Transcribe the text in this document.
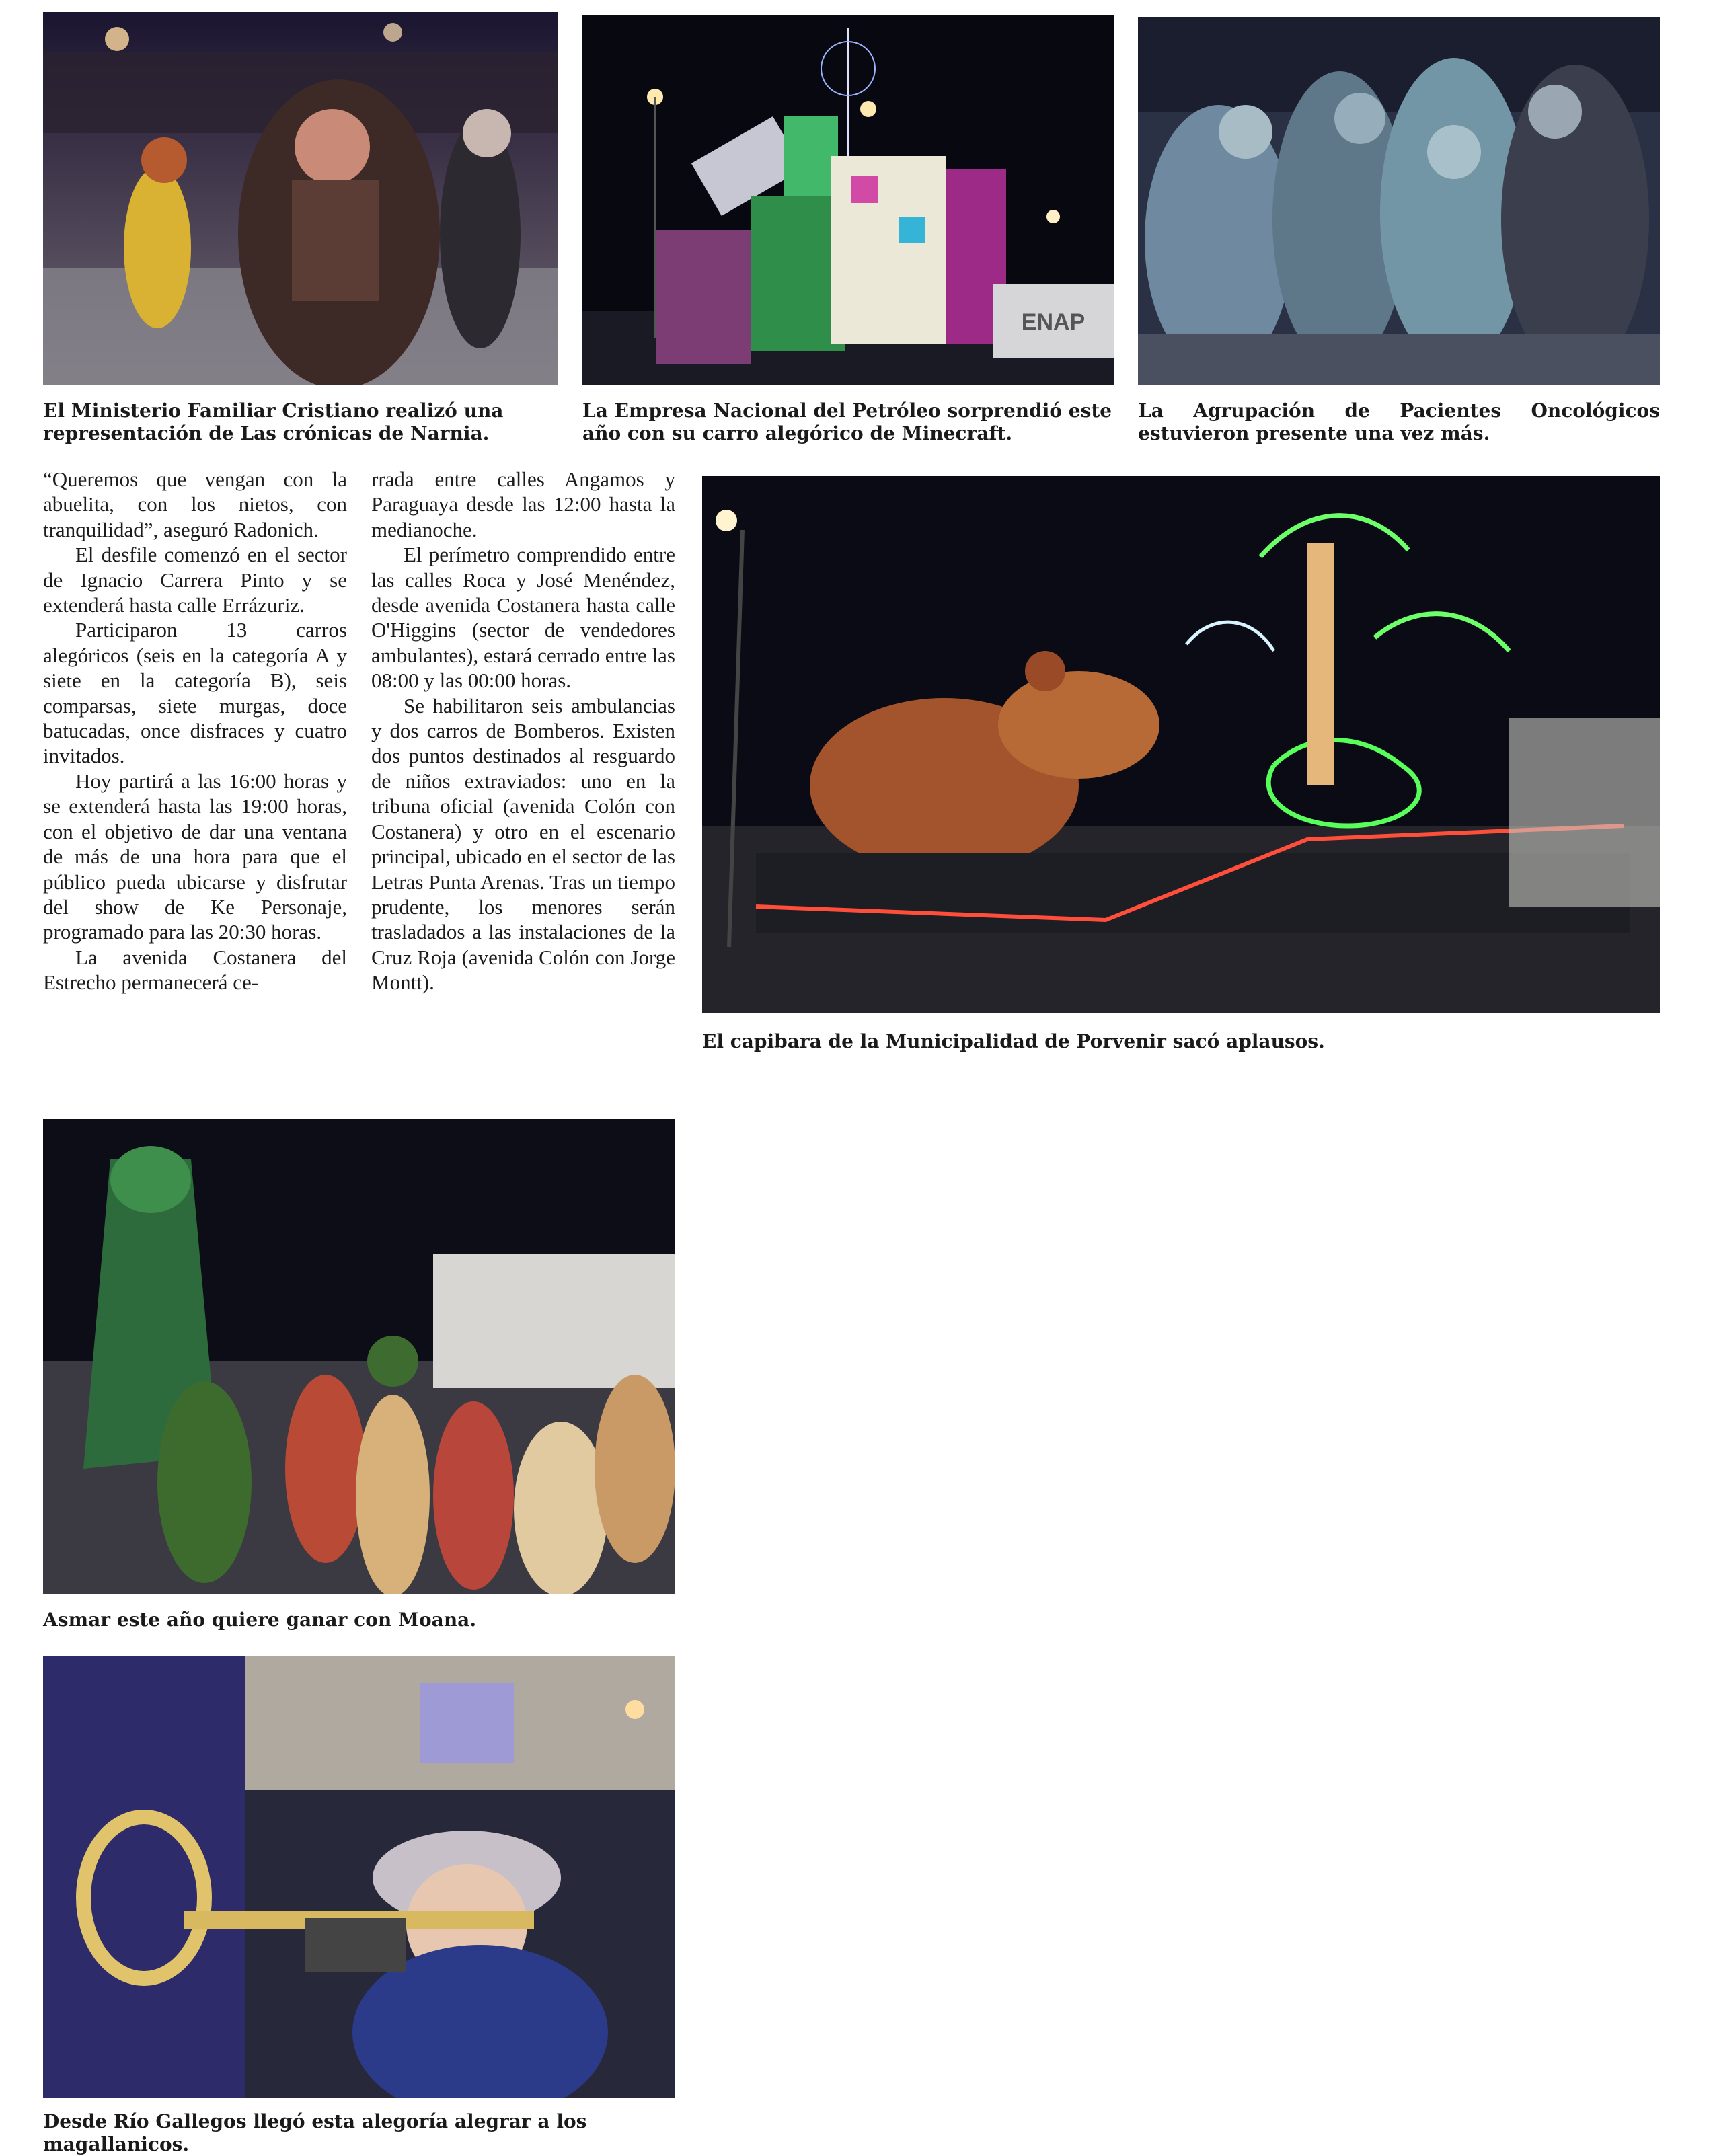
El Ministerio Familiar Cristiano realizó una representación de Las crónicas de Narnia.
ENAP
La Empresa Nacional del Petróleo sorprendió este año con su carro alegórico de Minecraft.
La Agrupación de Pacientes Oncológicos estuvieron presente una vez más.

“Queremos que vengan con la abuelita, con los nietos, con tranquilidad”, aseguró Radonich.

El desfile comenzó en el sector de Ignacio Carrera Pinto y se extenderá hasta calle Errázuriz.

Participaron 13 carros alegóricos (seis en la categoría A y siete en la categoría B), seis comparsas, siete murgas, doce batucadas, once disfraces y cuatro invitados.

Hoy partirá a las 16:00 horas y se extenderá hasta las 19:00 horas, con el objetivo de dar una ventana de más de una hora para que el público pueda ubicarse y disfrutar del show de Ke Personaje, programado para las 20:30 horas.

La avenida Costanera del Estrecho permanecerá ce-

rrada entre calles Angamos y Paraguaya desde las 12:00 hasta la medianoche.

El perímetro comprendido entre las calles Roca y José Menéndez, desde avenida Costanera hasta calle O'Higgins (sector de vendedores ambulantes), estará cerrado entre las 08:00 y las 00:00 horas.

Se habilitaron seis ambulancias y dos carros de Bomberos. Existen dos puntos destinados al resguardo de niños extraviados: uno en la tribuna oficial (avenida Colón con Costanera) y otro en el escenario principal, ubicado en el sector de las Letras Punta Arenas. Tras un tiempo prudente, los menores serán trasladados a las instalaciones de la Cruz Roja (avenida Colón con Jorge Montt).

El capibara de la Municipalidad de Porvenir sacó aplausos.
Asmar este año quiere ganar con Moana.
Desde Río Gallegos llegó esta alegoría alegrar a los magallanicos.
